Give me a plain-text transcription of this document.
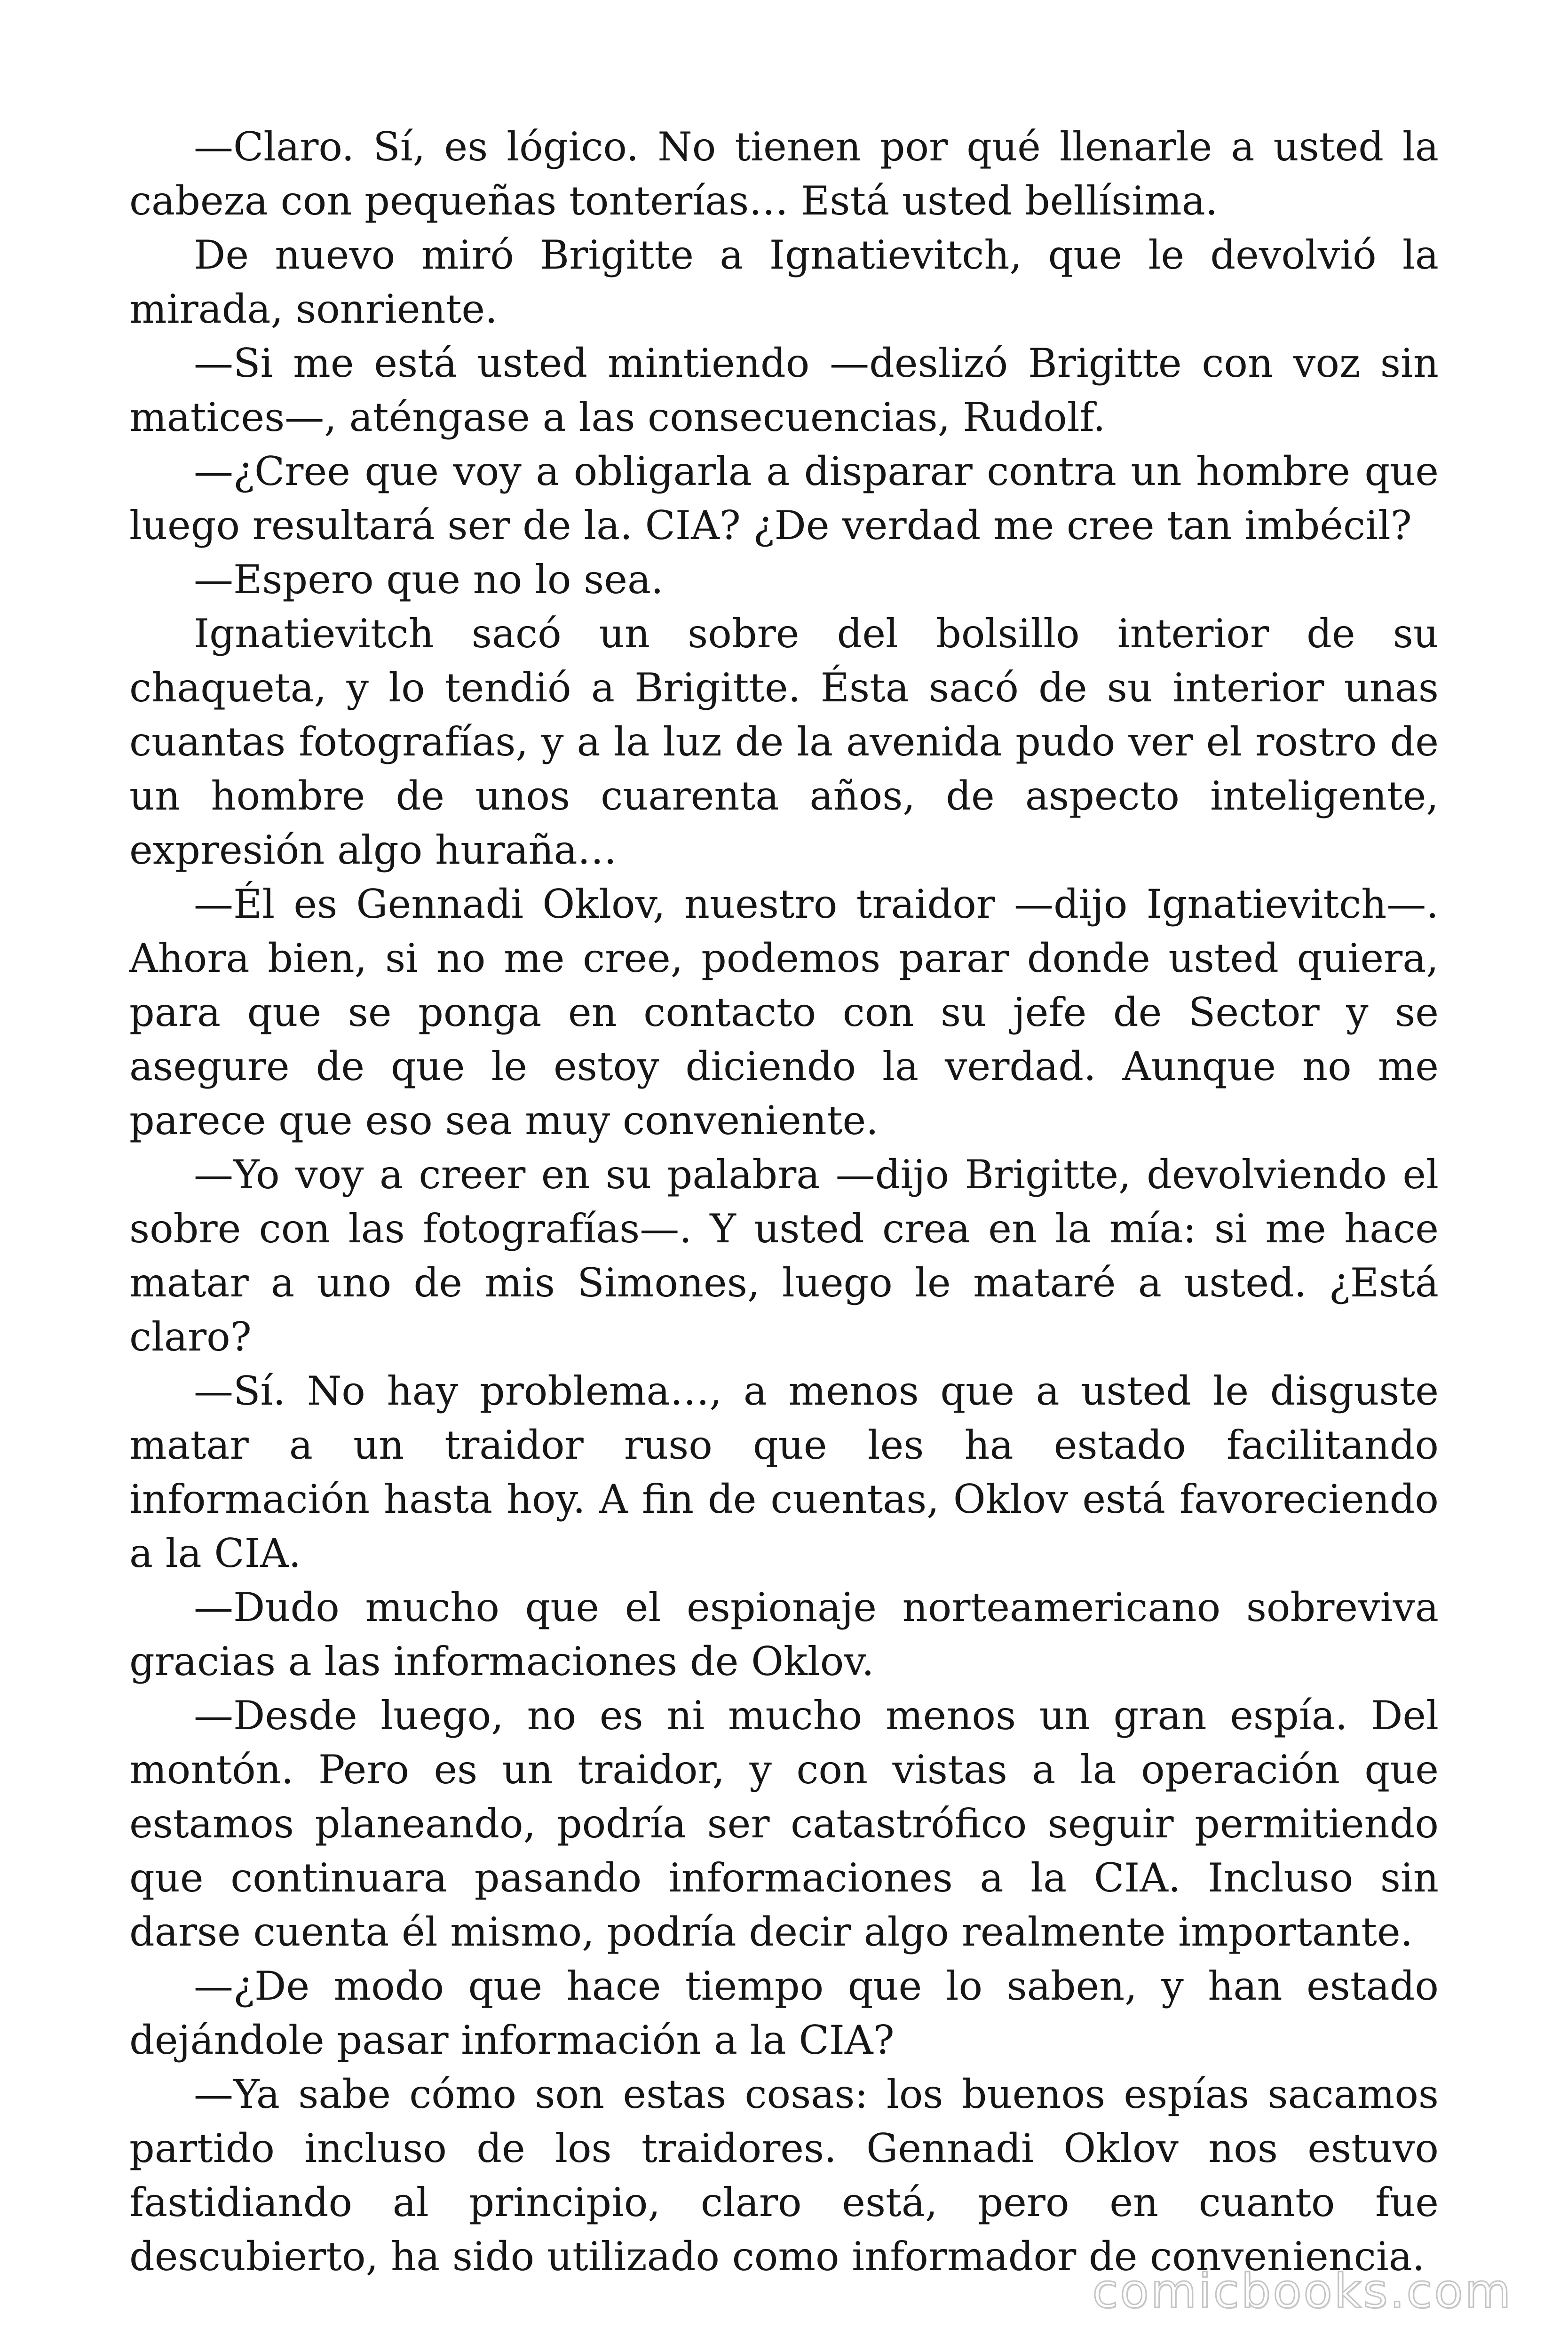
—Claro. Sí, es lógico. No tienen por qué llenarle a usted la cabeza con pequeñas tonterías… Está usted bellísima.

De nuevo miró Brigitte a Ignatievitch, que le devolvió la mirada, sonriente.

—Si me está usted mintiendo —deslizó Brigitte con voz sin matices—, aténgase a las consecuencias, Rudolf.

—¿Cree que voy a obligarla a disparar contra un hombre que luego resultará ser de la. CIA? ¿De verdad me cree tan imbécil?

—Espero que no lo sea.

Ignatievitch sacó un sobre del bolsillo interior de su chaqueta, y lo tendió a Brigitte. Ésta sacó de su interior unas cuantas fotografías, y a la luz de la avenida pudo ver el rostro de un hombre de unos cuarenta años, de aspecto inteligente, expresión algo huraña…

—Él es Gennadi Oklov, nuestro traidor —dijo Ignatievitch—. Ahora bien, si no me cree, podemos parar donde usted quiera, para que se ponga en contacto con su jefe de Sector y se asegure de que le estoy diciendo la verdad. Aunque no me parece que eso sea muy conveniente.

—Yo voy a creer en su palabra —dijo Brigitte, devolviendo el sobre con las fotografías—. Y usted crea en la mía: si me hace matar a uno de mis Simones, luego le mataré a usted. ¿Está claro?

—Sí. No hay problema…, a menos que a usted le disguste matar a un traidor ruso que les ha estado facilitando información hasta hoy. A fin de cuentas, Oklov está favoreciendo a la CIA.

—Dudo mucho que el espionaje norteamericano sobreviva gracias a las informaciones de Oklov.

—Desde luego, no es ni mucho menos un gran espía. Del montón. Pero es un traidor, y con vistas a la operación que estamos planeando, podría ser catastrófico seguir permitiendo que continuara pasando informaciones a la CIA. Incluso sin darse cuenta él mismo, podría decir algo realmente importante.

—¿De modo que hace tiempo que lo saben, y han estado dejándole pasar información a la CIA?

—Ya sabe cómo son estas cosas: los buenos espías sacamos partido incluso de los traidores. Gennadi Oklov nos estuvo fastidiando al principio, claro está, pero en cuanto fue descubierto, ha sido utilizado como informador de conveniencia.

comicbooks.com
